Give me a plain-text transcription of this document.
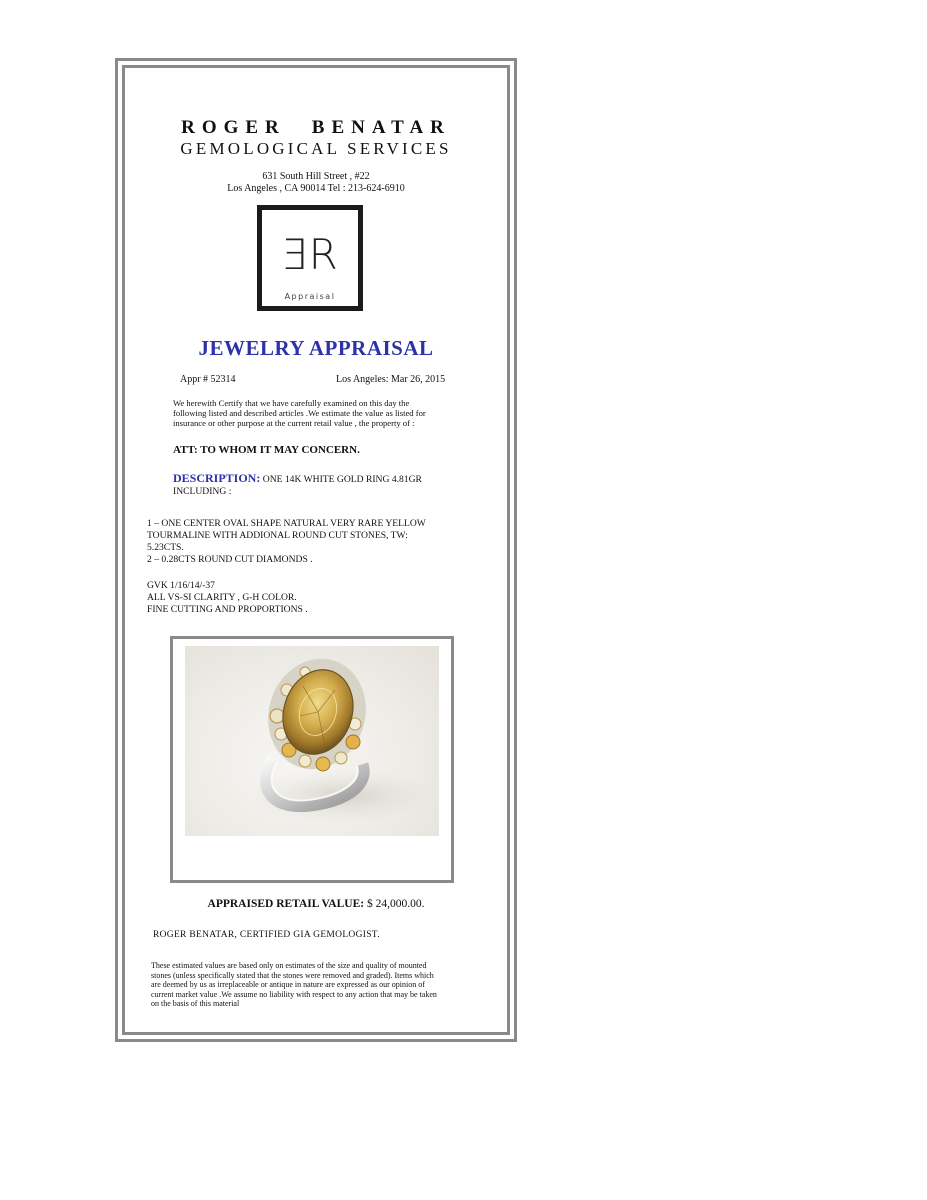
ROGER BENATAR
GEMOLOGICAL SERVICES
631 South Hill Street , #22
Los Angeles , CA 90014 Tel : 213-624-6910
ER
Appraisal
JEWELRY APPRAISAL
Appr # 52314	Los Angeles: Mar 26, 2015
We herewith Certify that we have carefully examined on this day the
following listed and described articles .We estimate the value as listed for
insurance or other purpose at the current retail value , the property of :
ATT: TO WHOM IT MAY CONCERN.
DESCRIPTION: ONE 14K WHITE GOLD RING 4.81GR
INCLUDING :
1 – ONE CENTER OVAL SHAPE NATURAL VERY RARE YELLOW
TOURMALINE WITH ADDIONAL ROUND CUT STONES, TW:
5.23CTS.
2 – 0.28CTS ROUND CUT DIAMONDS .
GVK 1/16/14/-37
ALL VS-SI CLARITY , G-H COLOR.
FINE CUTTING AND PROPORTIONS .
APPRAISED RETAIL VALUE: $ 24,000.00.
ROGER BENATAR, CERTIFIED GIA GEMOLOGIST.
These estimated values are based only on estimates of the size and quality of mounted
stones (unless specifically stated that the stones were removed and graded). Items which
are deemed by us as irreplaceable or antique in nature are expressed as our opinion of
current market value .We assume no liability with respect to any action that may be taken
on the basis of this material
